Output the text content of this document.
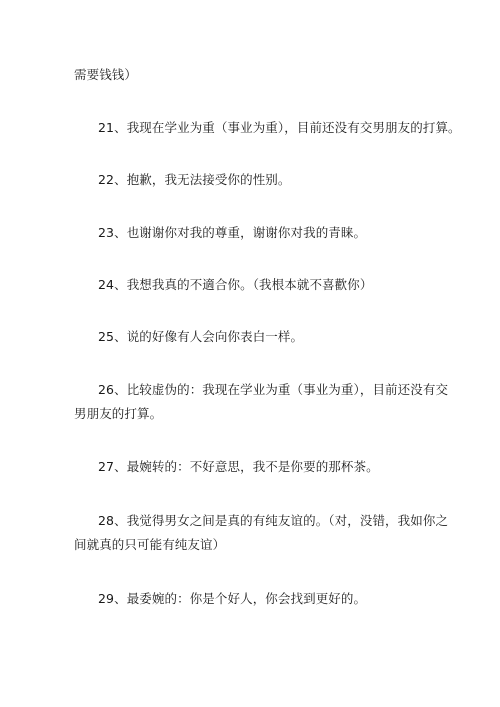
需要钱钱）
21、我现在学业为重（事业为重），目前还没有交男朋友的打算。
22、抱歉，我无法接受你的性别。
23、也谢谢你对我的尊重，谢谢你对我的青睐。
24、我想我真的不適合你。（我根本就不喜歡你）
25、说的好像有人会向你表白一样。
26、比较虚伪的：我现在学业为重（事业为重），目前还没有交
男朋友的打算。
27、最婉转的：不好意思，我不是你要的那杯茶。
28、我觉得男女之间是真的有纯友谊的。（对，没错，我如你之
间就真的只可能有纯友谊）
29、最委婉的：你是个好人，你会找到更好的。
